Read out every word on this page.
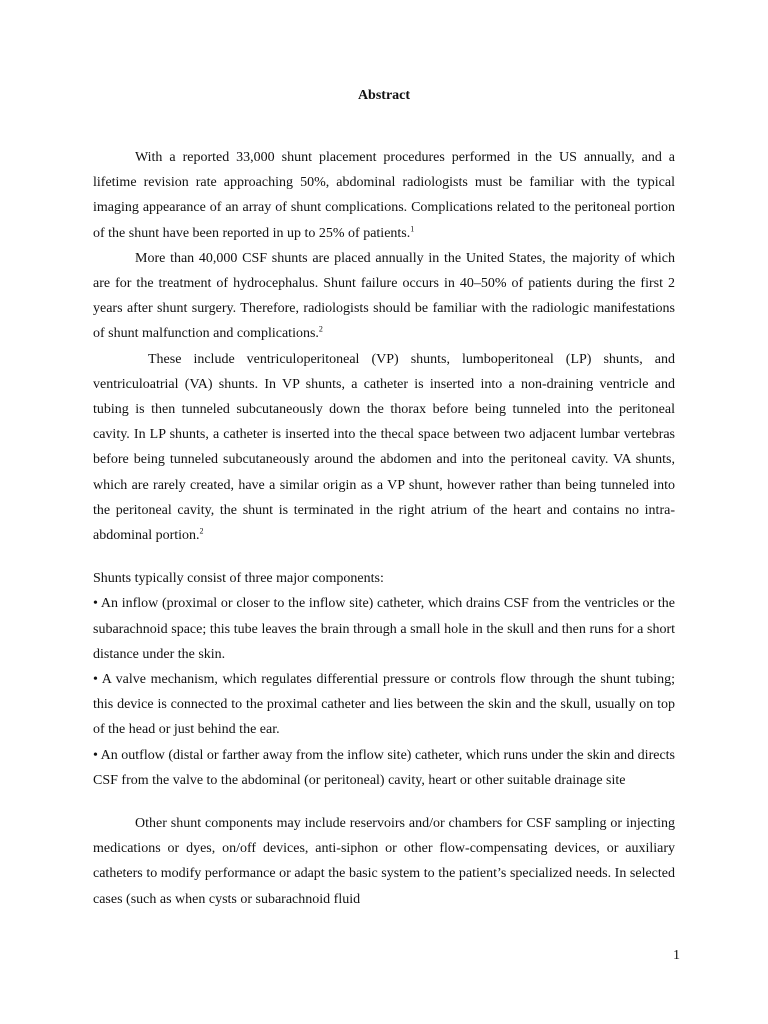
Abstract

With a reported 33,000 shunt placement procedures performed in the US annually, and a lifetime revision rate approaching 50%, abdominal radiologists must be familiar with the typical imaging appearance of an array of shunt complications. Complications related to the peritoneal portion of the shunt have been reported in up to 25% of patients.$^1$

More than 40,000 CSF shunts are placed annually in the United States, the majority of which are for the treatment of hydrocephalus. Shunt failure occurs in 40–50% of patients during the first 2 years after shunt surgery. Therefore, radiologists should be familiar with the radiologic manifestations of shunt malfunction and complications.$^2$

These include ventriculoperitoneal (VP) shunts, lumboperitoneal (LP) shunts, and ventriculoatrial (VA) shunts. In VP shunts, a catheter is inserted into a non-draining ventricle and tubing is then tunneled subcutaneously down the thorax before being tunneled into the peritoneal cavity. In LP shunts, a catheter is inserted into the thecal space between two adjacent lumbar vertebras before being tunneled subcutaneously around the abdomen and into the peritoneal cavity. VA shunts, which are rarely created, have a similar origin as a VP shunt, however rather than being tunneled into the peritoneal cavity, the shunt is terminated in the right atrium of the heart and contains no intra-abdominal portion.$^2$

Shunts typically consist of three major components:

• An inflow (proximal or closer to the inflow site) catheter, which drains CSF from the ventricles or the subarachnoid space; this tube leaves the brain through a small hole in the skull and then runs for a short distance under the skin.

• A valve mechanism, which regulates differential pressure or controls flow through the shunt tubing; this device is connected to the proximal catheter and lies between the skin and the skull, usually on top of the head or just behind the ear.

• An outflow (distal or farther away from the inflow site) catheter, which runs under the skin and directs CSF from the valve to the abdominal (or peritoneal) cavity, heart or other suitable drainage site

Other shunt components may include reservoirs and/or chambers for CSF sampling or injecting medications or dyes, on/off devices, anti-siphon or other flow-compensating devices, or auxiliary catheters to modify performance or adapt the basic system to the patient’s specialized needs. In selected cases (such as when cysts or subarachnoid fluid

1
